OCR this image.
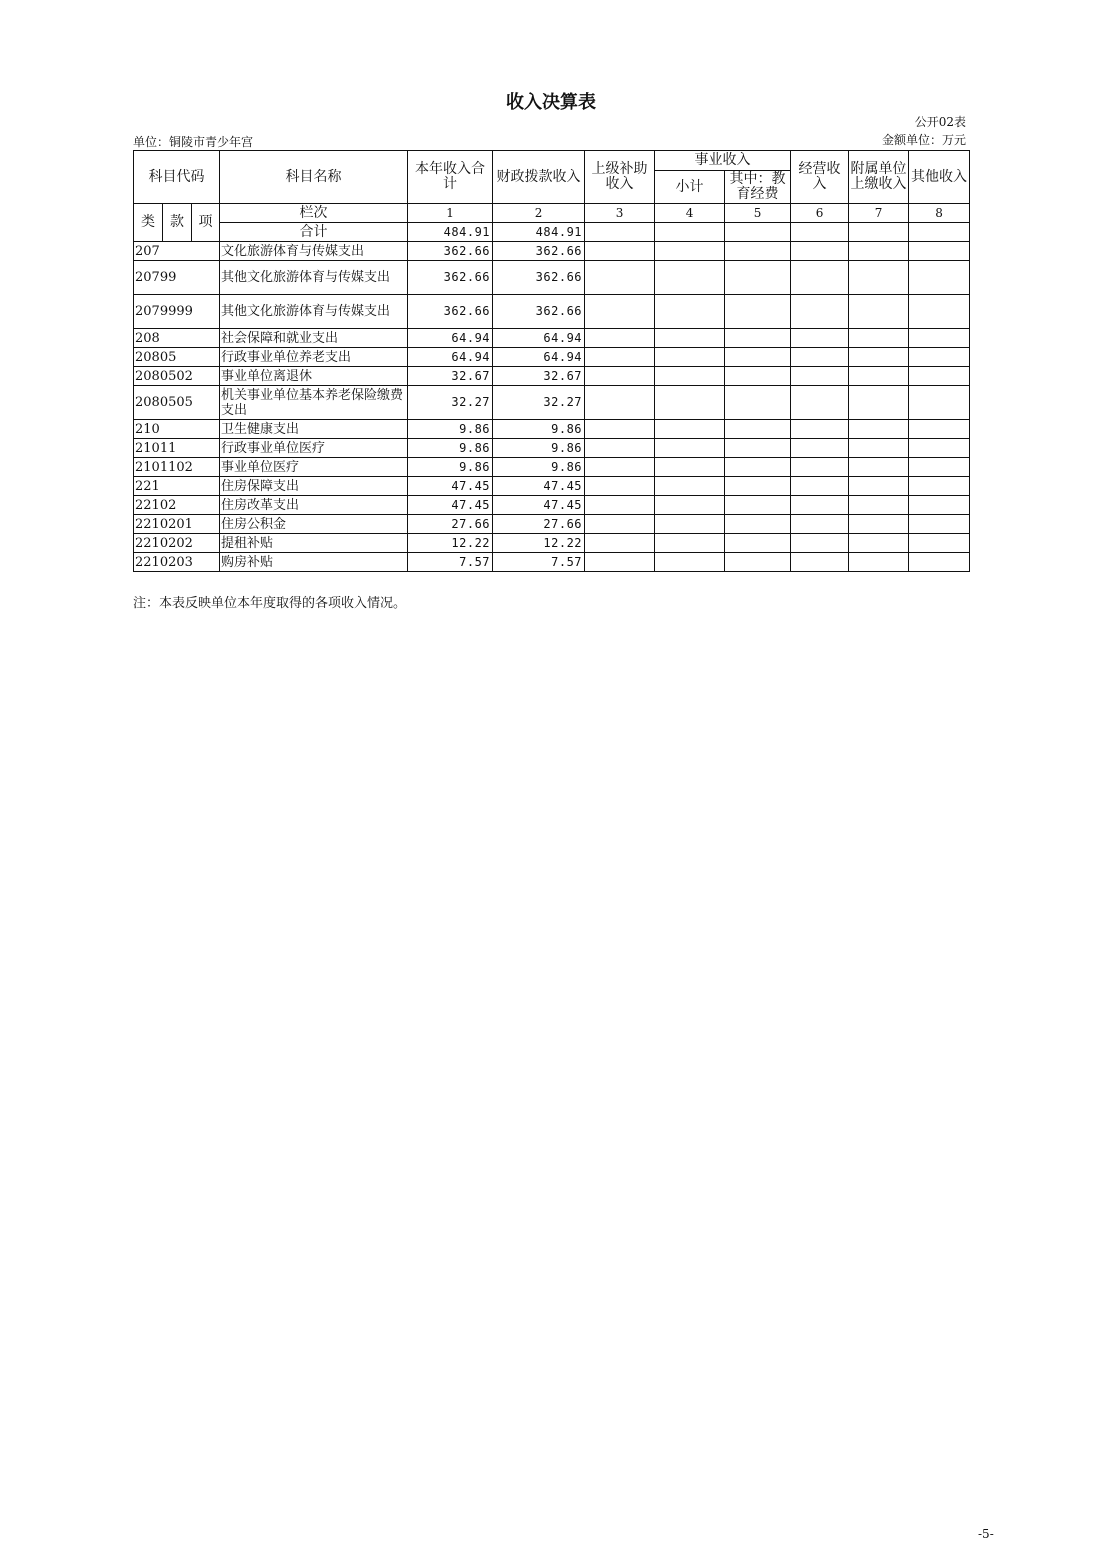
收入决算表
公开02表
单位：铜陵市青少年宫	金额单位：万元
科目代码			科目名称	本年收入合计	财政拨款收入	上级补助收入	事业收入		经营收入	附属单位上缴收入	其他收入
							小计	其中：教育经费			
类	款	项	栏次	1	2	3	4	5	6	7	8
			合计	484.91	484.91						
207			文化旅游体育与传媒支出	362.66	362.66						
20799			其他文化旅游体育与传媒支出	362.66	362.66						
2079999			其他文化旅游体育与传媒支出	362.66	362.66						
208			社会保障和就业支出	64.94	64.94						
20805			行政事业单位养老支出	64.94	64.94						
2080502			事业单位离退休	32.67	32.67						
2080505			机关事业单位基本养老保险缴费支出	32.27	32.27						
210			卫生健康支出	9.86	9.86						
21011			行政事业单位医疗	9.86	9.86						
2101102			事业单位医疗	9.86	9.86						
221			住房保障支出	47.45	47.45						
22102			住房改革支出	47.45	47.45						
2210201			住房公积金	27.66	27.66						
2210202			提租补贴	12.22	12.22						
2210203			购房补贴	7.57	7.57						
注：本表反映单位本年度取得的各项收入情况。
-5-
